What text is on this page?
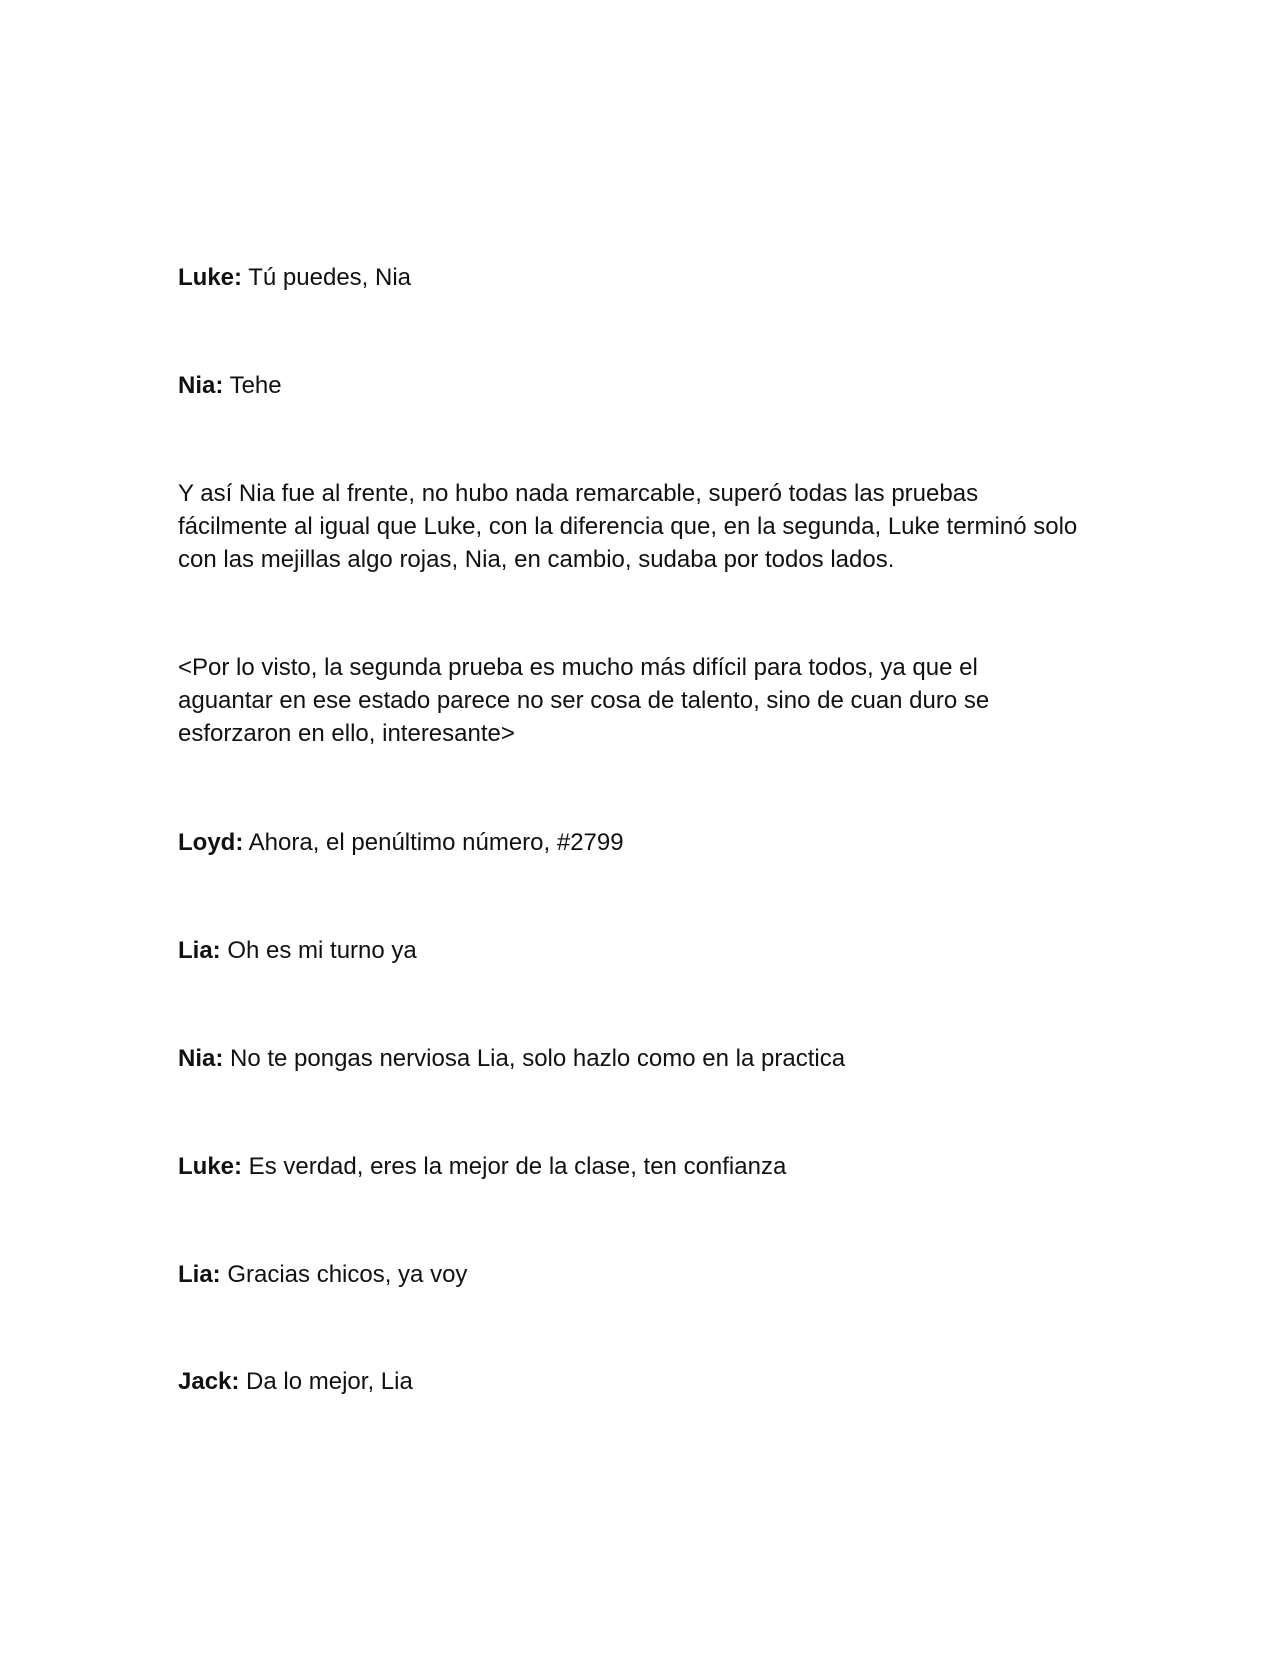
Luke: Tú puedes, Nia

Nia: Tehe

Y así Nia fue al frente, no hubo nada remarcable, superó todas las pruebas fácilmente al igual que Luke, con la diferencia que, en la segunda, Luke terminó solo con las mejillas algo rojas, Nia, en cambio, sudaba por todos lados.

<Por lo visto, la segunda prueba es mucho más difícil para todos, ya que el aguantar en ese estado parece no ser cosa de talento, sino de cuan duro se esforzaron en ello, interesante>

Loyd: Ahora, el penúltimo número, #2799

Lia: Oh es mi turno ya

Nia: No te pongas nerviosa Lia, solo hazlo como en la practica

Luke: Es verdad, eres la mejor de la clase, ten confianza

Lia: Gracias chicos, ya voy

Jack: Da lo mejor, Lia
